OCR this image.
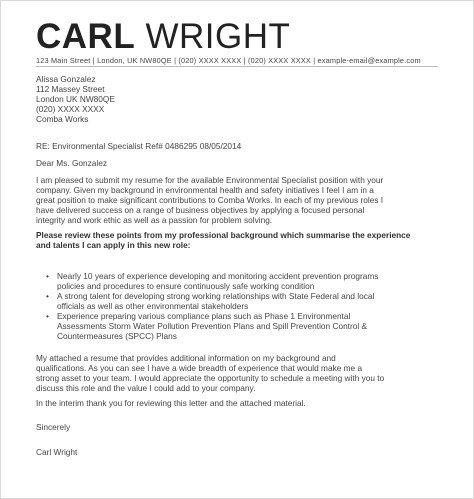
CARL WRIGHT
123 Main Street | London, UK NW80QE | (020) XXXX XXXX | (020) XXXX XXXX | example-email@example.com
Alissa Gonzalez
112 Massey Street
London UK NW80QE
(020) XXXX XXXX
Comba Works
RE: Environmental Specialist Ref# 0486295 08/05/2014
Dear Ms. Gonzalez
I am pleased to submit my resume for the available Environmental Specialist position with your
company. Given my background in environmental health and safety initiatives I feel I am in a
great position to make significant contributions to Comba Works. In each of my previous roles I
have delivered success on a range of business objectives by applying a focused personal
integrity and work ethic as well as a passion for problem solving.
Please review these points from my professional background which summarise the experience
and talents I can apply in this new role:
• Nearly 10 years of experience developing and monitoring accident prevention programs
policies and procedures to ensure continuously safe working condition
• A strong talent for developing strong working relationships with State Federal and local
officials as well as other environmental stakeholders
• Experience preparing various compliance plans such as Phase 1 Environmental
Assessments Storm Water Pollution Prevention Plans and Spill Prevention Control &
Countermeasures (SPCC) Plans
My attached a resume that provides additional information on my background and
qualifications. As you can see I have a wide breadth of experience that would make me a
strong asset to your team. I would appreciate the opportunity to schedule a meeting with you to
discuss this role and the value I could add to your company.
In the interim thank you for reviewing this letter and the attached material.
Sincerely
Carl Wright
